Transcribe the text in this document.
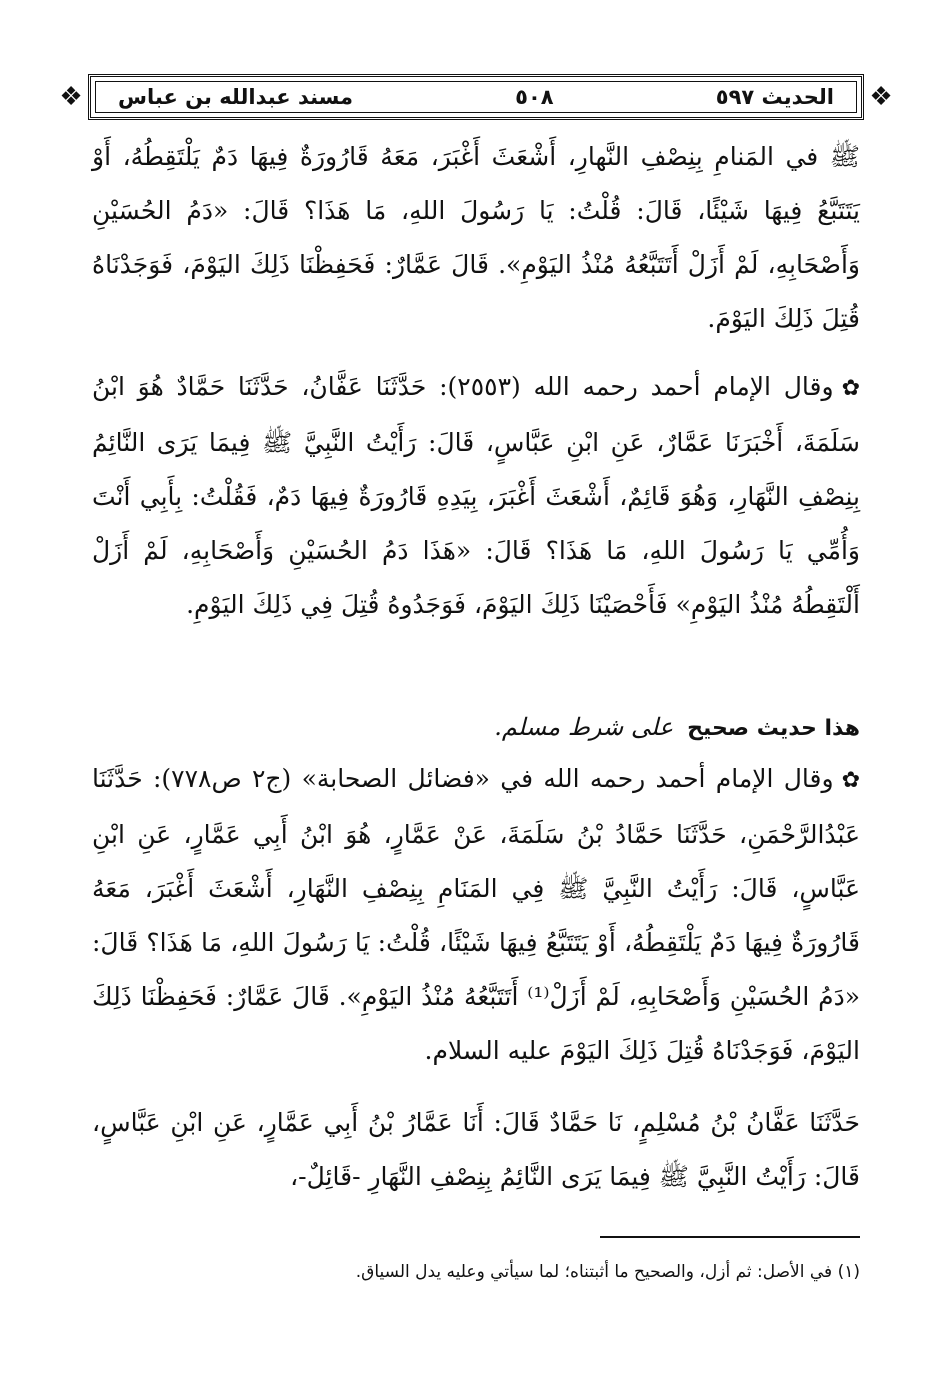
❖
❖	الحديث ٥٩٧
٥٠٨
مسند عبدالله بن عباس
ﷺ في المَنامِ بِنِصْفِ النَّهارِ، أَشْعَثَ أَغْبَرَ، مَعَهُ قَارُورَةٌ فِيهَا دَمٌ يَلْتَقِطُهُ، أَوْ يَتَتَبَّعُ فِيهَا شَيْئًا، قَالَ: قُلْتُ: يَا رَسُولَ اللهِ، مَا هَذَا؟ قَالَ: «دَمُ الحُسَيْنِ وَأَصْحَابِهِ، لَمْ أَزَلْ أَتَتَبَّعُهُ مُنْذُ اليَوْمِ». قَالَ عَمَّارٌ: فَحَفِظْنَا ذَلِكَ اليَوْمَ، فَوَجَدْنَاهُ قُتِلَ ذَلِكَ اليَوْمَ.
✿وقال الإمام أحمد رحمه الله (٢٥٥٣): حَدَّثَنَا عَفَّانُ، حَدَّثَنَا حَمَّادٌ هُوَ ابْنُ سَلَمَةَ، أَخْبَرَنَا عَمَّارٌ، عَنِ ابْنِ عَبَّاسٍ، قَالَ: رَأَيْتُ النَّبِيَّ ﷺ فِيمَا يَرَى النَّائِمُ بِنِصْفِ النَّهَارِ، وَهُوَ قَائِمٌ، أَشْعَثَ أَغْبَرَ، بِيَدِهِ قَارُورَةٌ فِيهَا دَمٌ، فَقُلْتُ: بِأَبِي أَنْتَ وَأُمِّي يَا رَسُولَ اللهِ، مَا هَذَا؟ قَالَ: «هَذَا دَمُ الحُسَيْنِ وَأَصْحَابِهِ، لَمْ أَزَلْ أَلْتَقِطُهُ مُنْذُ اليَوْمِ» فَأَحْصَيْنَا ذَلِكَ اليَوْمَ، فَوَجَدُوهُ قُتِلَ فِي ذَلِكَ اليَوْمِ.
هذا حديث صحيح على شرط مسلم.
✿وقال الإمام أحمد رحمه الله في «فضائل الصحابة» (ج٢ ص٧٧٨): حَدَّثَنَا عَبْدُالرَّحْمَنِ، حَدَّثَنَا حَمَّادُ بْنُ سَلَمَةَ، عَنْ عَمَّارٍ، هُوَ ابْنُ أَبِي عَمَّارٍ، عَنِ ابْنِ عَبَّاسٍ، قَالَ: رَأَيْتُ النَّبِيَّ ﷺ فِي المَنَامِ بِنِصْفِ النَّهَارِ، أَشْعَثَ أَغْبَرَ، مَعَهُ قَارُورَةٌ فِيهَا دَمٌ يَلْتَقِطُهُ، أَوْ يَتَتَبَّعُ فِيهَا شَيْئًا، قُلْتُ: يَا رَسُولَ اللهِ، مَا هَذَا؟ قَالَ: «دَمُ الحُسَيْنِ وَأَصْحَابِهِ، لَمْ أَزَلْ⁽¹⁾ أَتَتَبَّعُهُ مُنْذُ اليَوْمِ». قَالَ عَمَّارٌ: فَحَفِظْنَا ذَلِكَ اليَوْمَ، فَوَجَدْنَاهُ قُتِلَ ذَلِكَ اليَوْمَ عليه السلام.
حَدَّثَنَا عَفَّانُ بْنُ مُسْلِمٍ، نَا حَمَّادٌ قَالَ: أَنَا عَمَّارُ بْنُ أَبِي عَمَّارٍ، عَنِ ابْنِ عَبَّاسٍ، قَالَ: رَأَيْتُ النَّبِيَّ ﷺ فِيمَا يَرَى النَّائِمُ بِنِصْفِ النَّهَارِ -قَائِلٌ-،
(١) في الأصل: ثم أزل، والصحيح ما أثبتناه؛ لما سيأتي وعليه يدل السياق.
